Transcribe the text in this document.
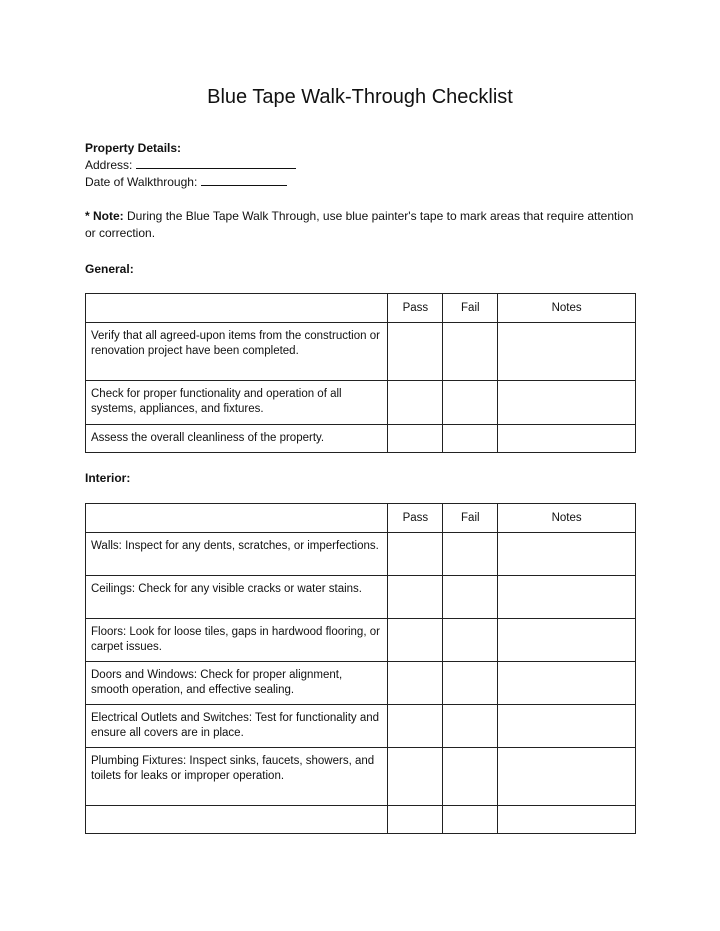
Blue Tape Walk-Through Checklist
Property Details:
Address:
Date of Walkthrough:
* Note: During the Blue Tape Walk Through, use blue painter's tape to mark areas that require attention or correction.
General:
	Pass	Fail	Notes
Verify that all agreed-upon items from the construction or renovation project have been completed.			
Check for proper functionality and operation of all systems, appliances, and fixtures.			
Assess the overall cleanliness of the property.			
Interior:
	Pass	Fail	Notes
Walls: Inspect for any dents, scratches, or imperfections.			
Ceilings: Check for any visible cracks or water stains.			
Floors: Look for loose tiles, gaps in hardwood flooring, or carpet issues.			
Doors and Windows: Check for proper alignment, smooth operation, and effective sealing.			
Electrical Outlets and Switches: Test for functionality and ensure all covers are in place.			
Plumbing Fixtures: Inspect sinks, faucets, showers, and toilets for leaks or improper operation.			
